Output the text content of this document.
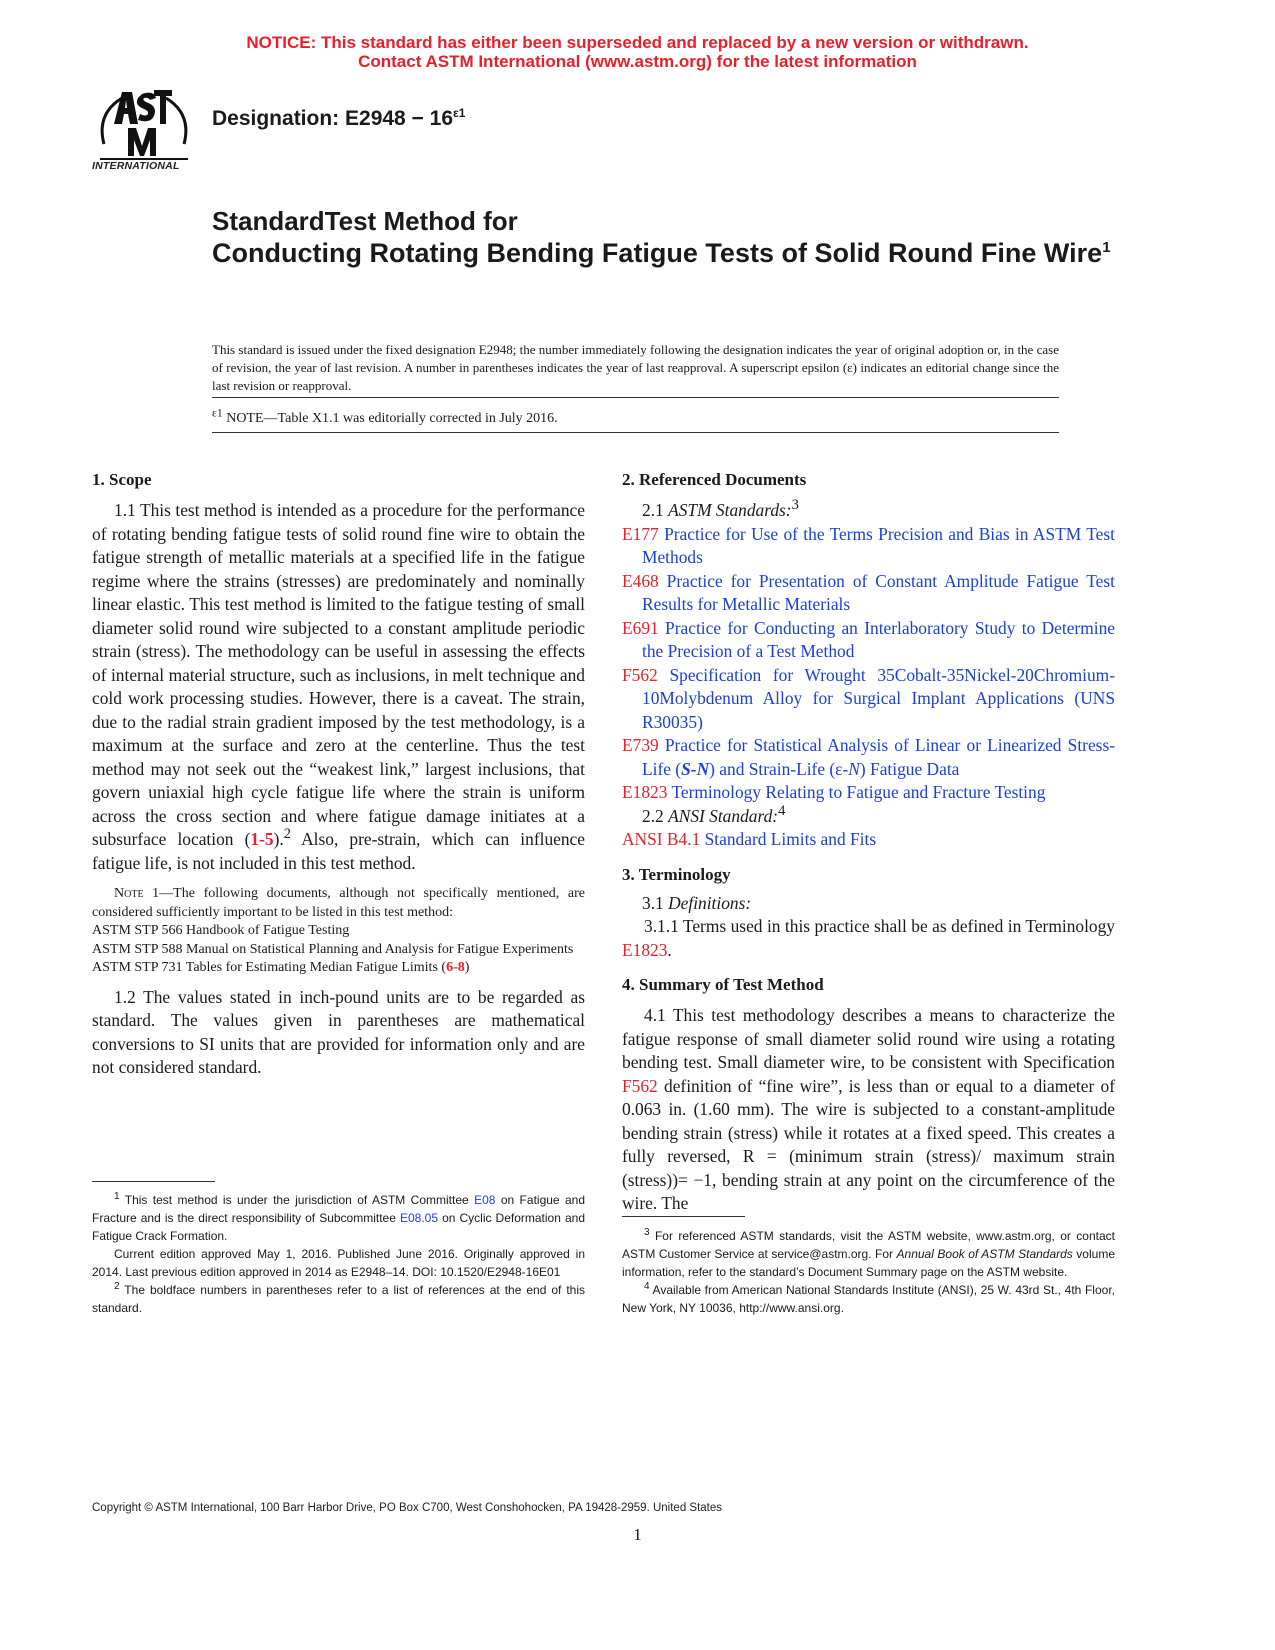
NOTICE: This standard has either been superseded and replaced by a new version or withdrawn.
Contact ASTM International (www.astm.org) for the latest information
INTERNATIONAL
Designation: $E2948 - 16^{\varepsilon 1}$
StandardTest Method for
Conducting Rotating Bending Fatigue Tests of Solid Round Fine Wire$^1$
This standard is issued under the fixed designation E2948; the number immediately following the designation indicates the year of original adoption or, in the case of revision, the year of last revision. A number in parentheses indicates the year of last reapproval. A superscript epsilon (ε) indicates an editorial change since the last revision or reapproval.
$^{\varepsilon 1}$ NOTE—Table X1.1 was editorially corrected in July 2016.
1. Scope
1.1 This test method is intended as a procedure for the performance of rotating bending fatigue tests of solid round fine wire to obtain the fatigue strength of metallic materials at a specified life in the fatigue regime where the strains (stresses) are predominately and nominally linear elastic. This test method is limited to the fatigue testing of small diameter solid round wire subjected to a constant amplitude periodic strain (stress). The methodology can be useful in assessing the effects of internal material structure, such as inclusions, in melt technique and cold work processing studies. However, there is a caveat. The strain, due to the radial strain gradient imposed by the test methodology, is a maximum at the surface and zero at the centerline. Thus the test method may not seek out the “weakest link,” largest inclusions, that govern uniaxial high cycle fatigue life where the strain is uniform across the cross section and where fatigue damage initiates at a subsurface location (1-5).$^2$ Also, pre-strain, which can influence fatigue life, is not included in this test method.
Note 1—The following documents, although not specifically mentioned, are considered sufficiently important to be listed in this test method:
ASTM STP 566 Handbook of Fatigue Testing
ASTM STP 588 Manual on Statistical Planning and Analysis for Fatigue Experiments
ASTM STP 731 Tables for Estimating Median Fatigue Limits (6-8)
1.2 The values stated in inch-pound units are to be regarded as standard. The values given in parentheses are mathematical conversions to SI units that are provided for information only and are not considered standard.
$^1$ This test method is under the jurisdiction of ASTM Committee E08 on Fatigue and Fracture and is the direct responsibility of Subcommittee E08.05 on Cyclic Deformation and Fatigue Crack Formation.
Current edition approved May 1, 2016. Published June 2016. Originally approved in 2014. Last previous edition approved in 2014 as E2948–14. DOI: 10.1520/E2948-16E01
$^2$ The boldface numbers in parentheses refer to a list of references at the end of this standard.
2. Referenced Documents
2.1 ASTM Standards:$^3$
E177 Practice for Use of the Terms Precision and Bias in ASTM Test Methods
E468 Practice for Presentation of Constant Amplitude Fatigue Test Results for Metallic Materials
E691 Practice for Conducting an Interlaboratory Study to Determine the Precision of a Test Method
F562 Specification for Wrought 35Cobalt-35Nickel-20Chromium-10Molybdenum Alloy for Surgical Implant Applications (UNS R30035)
E739 Practice for Statistical Analysis of Linear or Linearized Stress-Life (S-N) and Strain-Life (ε-N) Fatigue Data
E1823 Terminology Relating to Fatigue and Fracture Testing
2.2 ANSI Standard:$^4$
ANSI B4.1 Standard Limits and Fits
3. Terminology
3.1 Definitions:
3.1.1 Terms used in this practice shall be as defined in Terminology E1823.
4. Summary of Test Method
4.1 This test methodology describes a means to characterize the fatigue response of small diameter solid round wire using a rotating bending test. Small diameter wire, to be consistent with Specification F562 definition of “fine wire”, is less than or equal to a diameter of 0.063 in. (1.60 mm). The wire is subjected to a constant-amplitude bending strain (stress) while it rotates at a fixed speed. This creates a fully reversed, R = (minimum strain (stress)/ maximum strain (stress))= −1, bending strain at any point on the circumference of the wire. The
$^3$ For referenced ASTM standards, visit the ASTM website, www.astm.org, or contact ASTM Customer Service at service@astm.org. For Annual Book of ASTM Standards volume information, refer to the standard’s Document Summary page on the ASTM website.
$^4$ Available from American National Standards Institute (ANSI), 25 W. 43rd St., 4th Floor, New York, NY 10036, http://www.ansi.org.
Copyright © ASTM International, 100 Barr Harbor Drive, PO Box C700, West Conshohocken, PA 19428-2959. United States
1
